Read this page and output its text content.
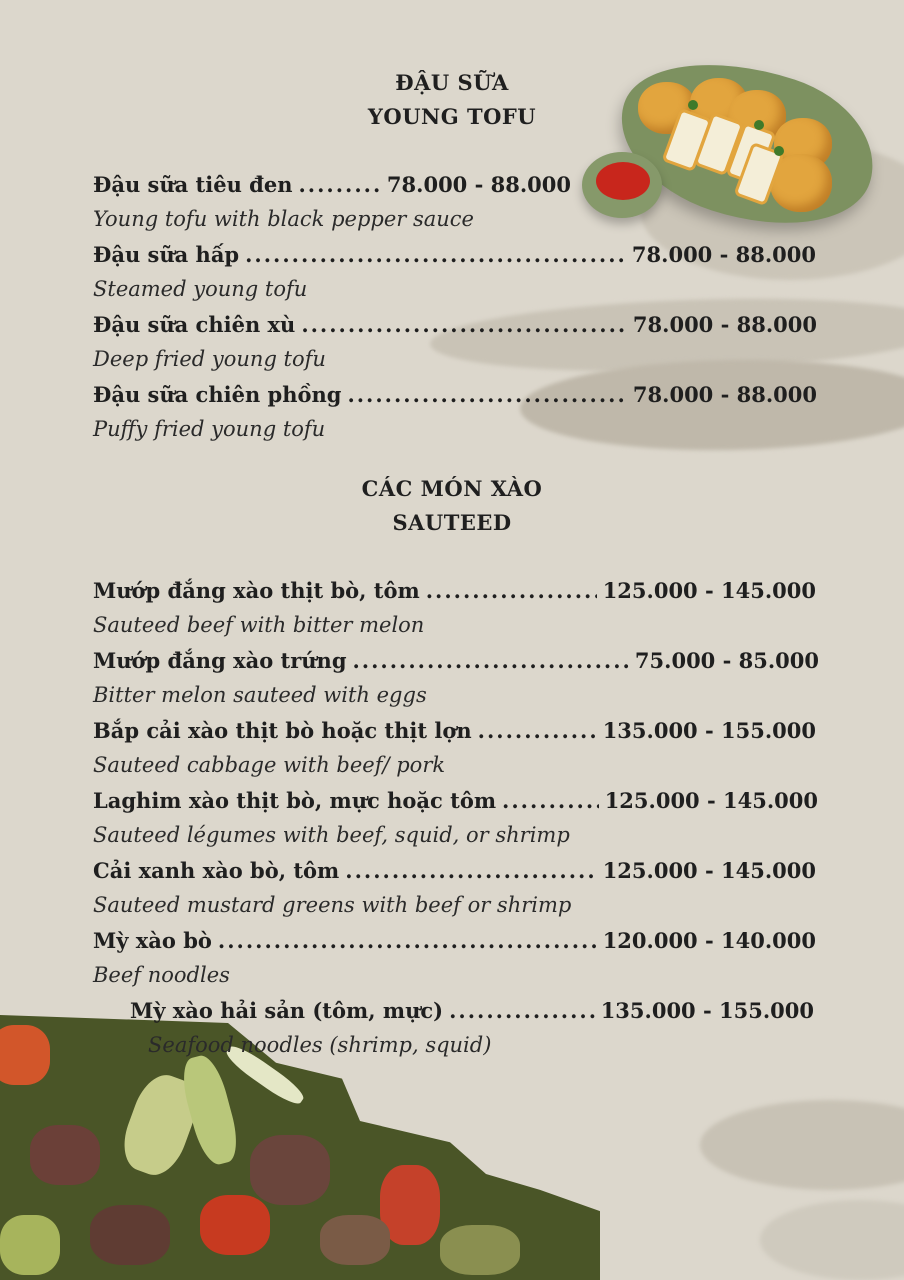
ĐẬU SỮA
YOUNG TOFU
Đậu sữa tiêu đen .....	78.000 - 88.000
Young tofu with black pepper sauce
Đậu sữa hấp .....	78.000 - 88.000
Steamed young tofu
Đậu sữa chiên xù .....	78.000 - 88.000
Deep fried young tofu
Đậu sữa chiên phồng .....	78.000 - 88.000
Puffy fried young tofu
CÁC MÓN XÀO
SAUTEED
Mướp đắng xào thịt bò, tôm .....	125.000 - 145.000
Sauteed beef with bitter melon
Mướp đắng xào trứng .....	75.000 - 85.000
Bitter melon sauteed with eggs
Bắp cải xào thịt bò hoặc thịt lợn .....	135.000 - 155.000
Sauteed cabbage with beef/ pork
Laghim xào thịt bò, mực hoặc tôm .....	125.000 - 145.000
Sauteed légumes with beef, squid, or shrimp
Cải xanh xào bò, tôm .....	125.000 - 145.000
Sauteed mustard greens with beef or shrimp
Mỳ xào bò .....	120.000 - 140.000
Beef noodles
Mỳ xào hải sản (tôm, mực) .....	135.000 - 155.000
Seafood noodles (shrimp, squid)
